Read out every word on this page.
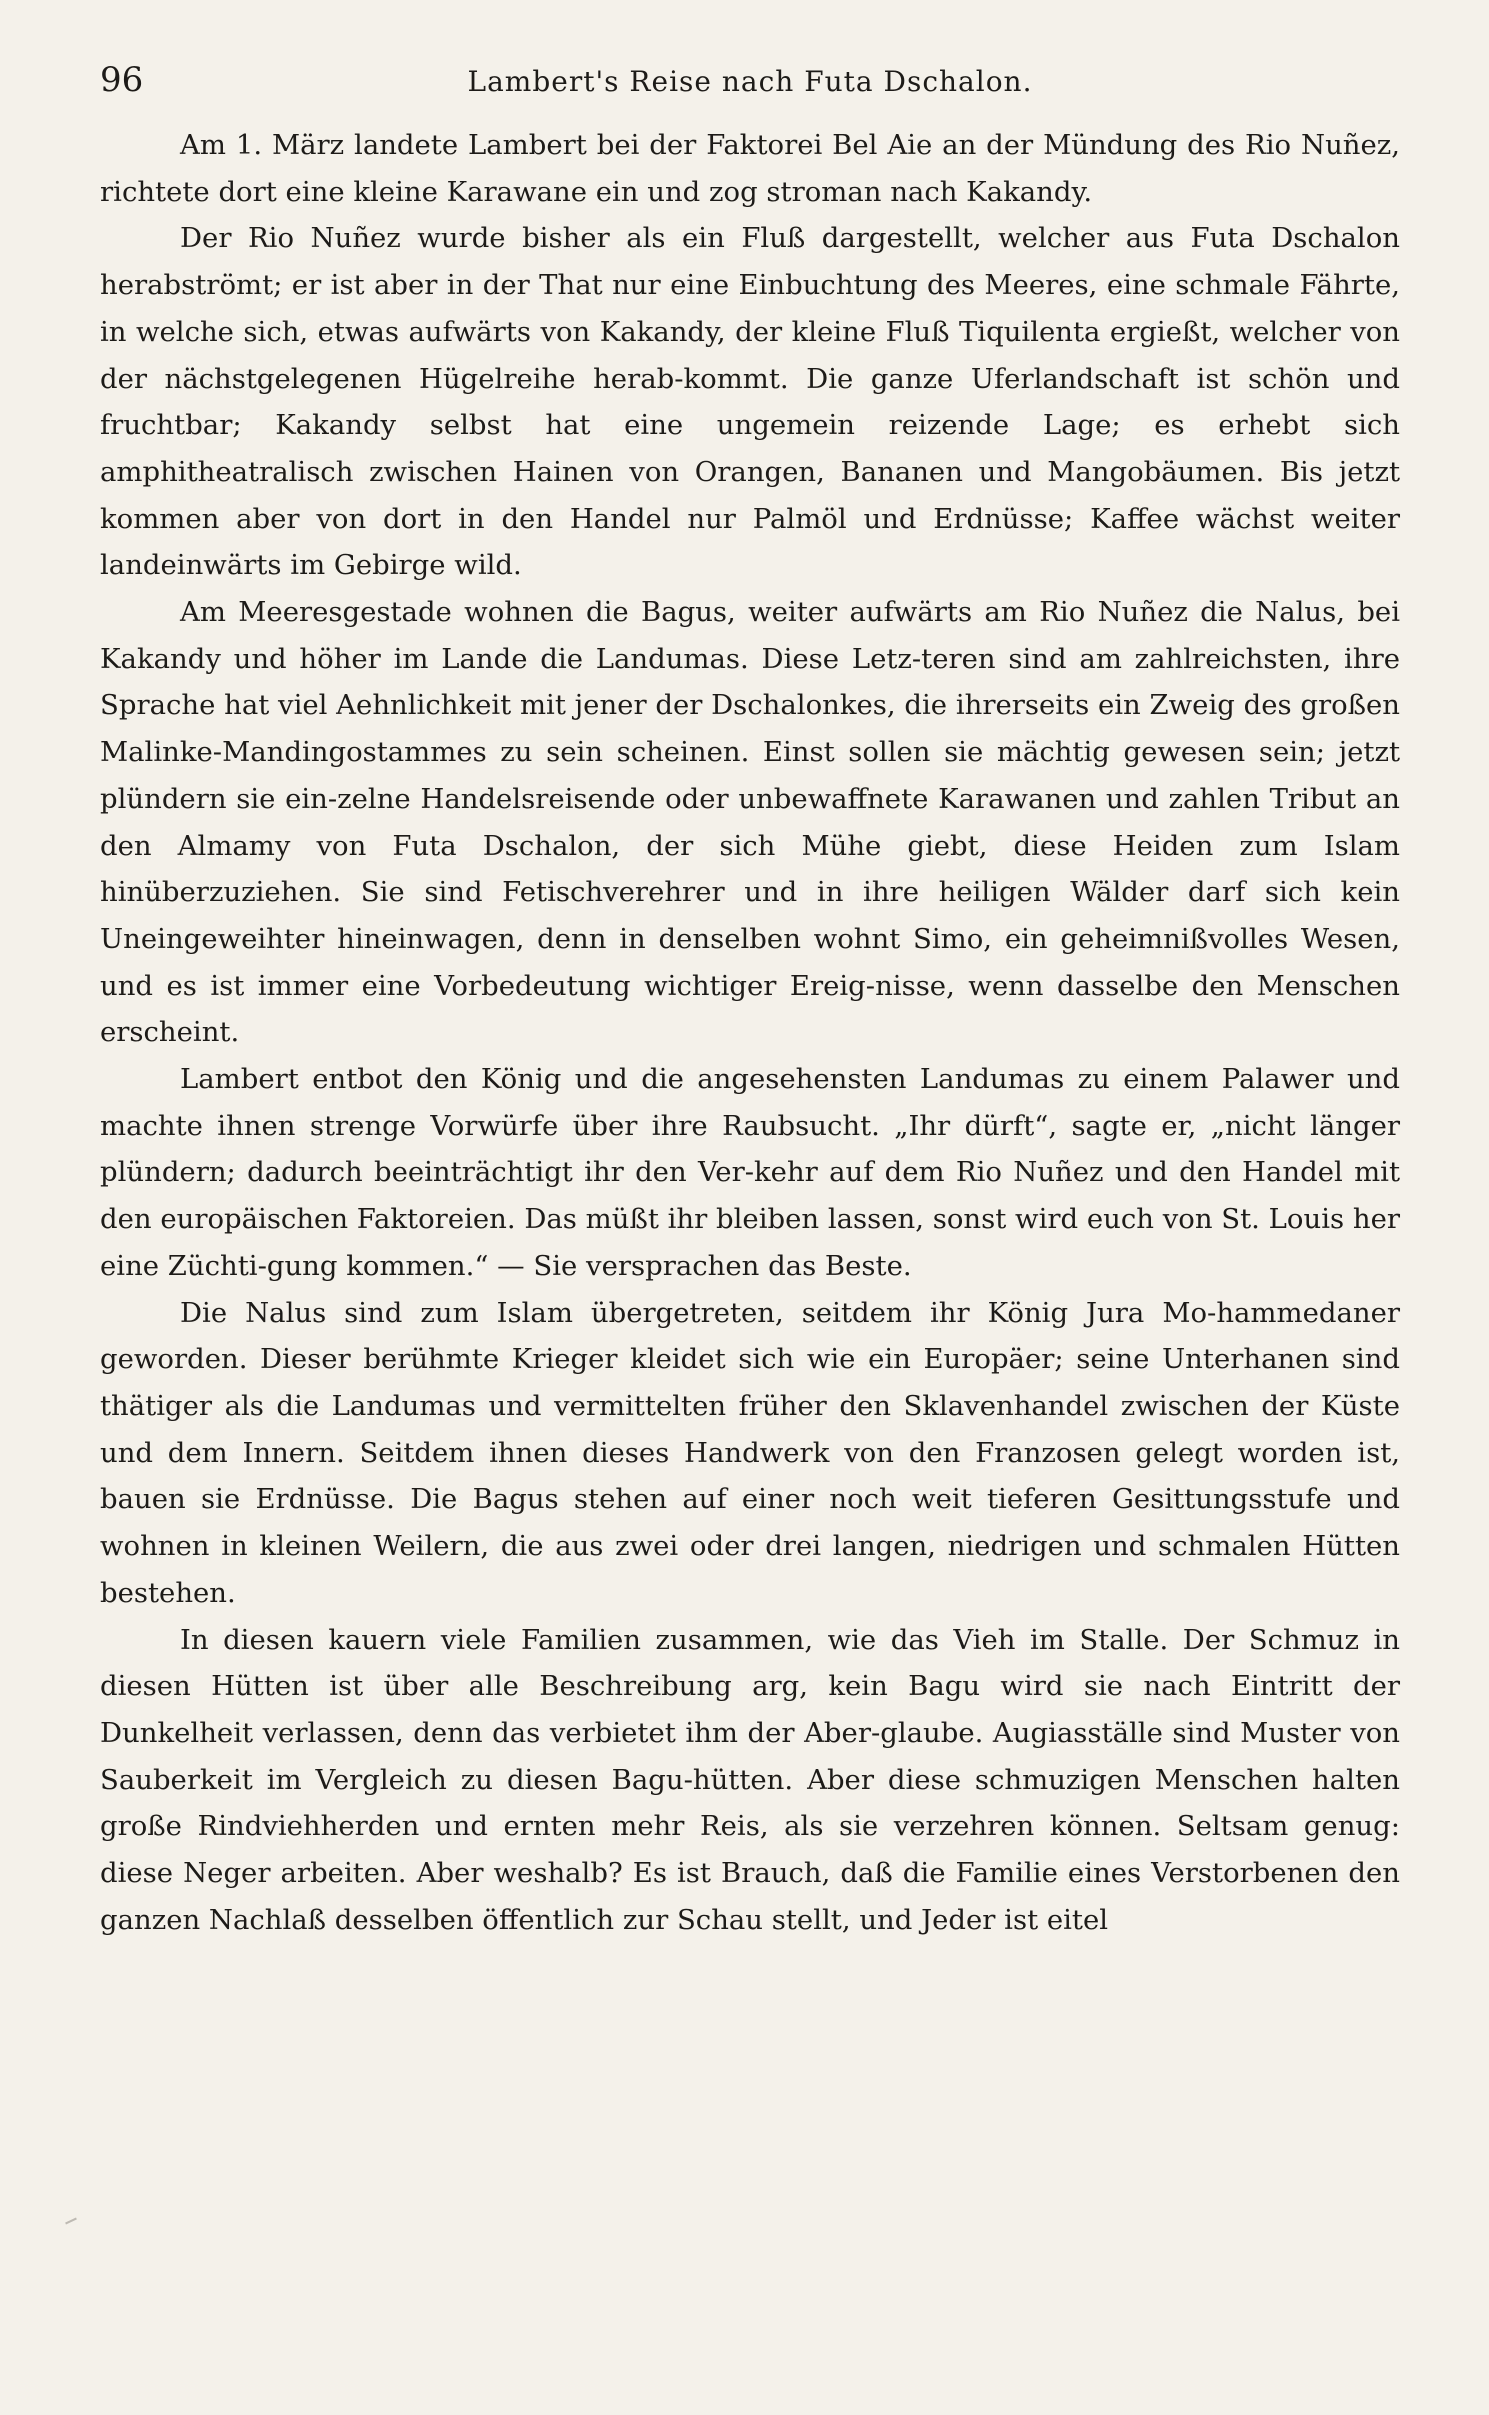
96	Lambert's Reise nach Futa Dschalon.

Am 1. März landete Lambert bei der Faktorei Bel Aie an der Mündung des Rio Nuñez, richtete dort eine kleine Karawane ein und zog stroman nach Kakandy.

Der Rio Nuñez wurde bisher als ein Fluß dargestellt, welcher aus Futa Dschalon herabströmt; er ist aber in der That nur eine Einbuchtung des Meeres, eine schmale Fährte, in welche sich, etwas aufwärts von Kakandy, der kleine Fluß Tiquilenta ergießt, welcher von der nächstgelegenen Hügelreihe herab-kommt. Die ganze Uferlandschaft ist schön und fruchtbar; Kakandy selbst hat eine ungemein reizende Lage; es erhebt sich amphitheatralisch zwischen Hainen von Orangen, Bananen und Mangobäumen. Bis jetzt kommen aber von dort in den Handel nur Palmöl und Erdnüsse; Kaffee wächst weiter landeinwärts im Gebirge wild.

Am Meeresgestade wohnen die Bagus, weiter aufwärts am Rio Nuñez die Nalus, bei Kakandy und höher im Lande die Landumas. Diese Letz-teren sind am zahlreichsten, ihre Sprache hat viel Aehnlichkeit mit jener der Dschalonkes, die ihrerseits ein Zweig des großen Malinke-Mandingostammes zu sein scheinen. Einst sollen sie mächtig gewesen sein; jetzt plündern sie ein-zelne Handelsreisende oder unbewaffnete Karawanen und zahlen Tribut an den Almamy von Futa Dschalon, der sich Mühe giebt, diese Heiden zum Islam hinüberzuziehen. Sie sind Fetischverehrer und in ihre heiligen Wälder darf sich kein Uneingeweihter hineinwagen, denn in denselben wohnt Simo, ein geheimnißvolles Wesen, und es ist immer eine Vorbedeutung wichtiger Ereig-nisse, wenn dasselbe den Menschen erscheint.

Lambert entbot den König und die angesehensten Landumas zu einem Palawer und machte ihnen strenge Vorwürfe über ihre Raubsucht. „Ihr dürft“, sagte er, „nicht länger plündern; dadurch beeinträchtigt ihr den Ver-kehr auf dem Rio Nuñez und den Handel mit den europäischen Faktoreien. Das müßt ihr bleiben lassen, sonst wird euch von St. Louis her eine Züchti-gung kommen.“ — Sie versprachen das Beste.

Die Nalus sind zum Islam übergetreten, seitdem ihr König Jura Mo-hammedaner geworden. Dieser berühmte Krieger kleidet sich wie ein Europäer; seine Unterhanen sind thätiger als die Landumas und vermittelten früher den Sklavenhandel zwischen der Küste und dem Innern. Seitdem ihnen dieses Handwerk von den Franzosen gelegt worden ist, bauen sie Erdnüsse. Die Bagus stehen auf einer noch weit tieferen Gesittungsstufe und wohnen in kleinen Weilern, die aus zwei oder drei langen, niedrigen und schmalen Hütten bestehen.

In diesen kauern viele Familien zusammen, wie das Vieh im Stalle. Der Schmuz in diesen Hütten ist über alle Beschreibung arg, kein Bagu wird sie nach Eintritt der Dunkelheit verlassen, denn das verbietet ihm der Aber-glaube. Augiasställe sind Muster von Sauberkeit im Vergleich zu diesen Bagu-hütten. Aber diese schmuzigen Menschen halten große Rindviehherden und ernten mehr Reis, als sie verzehren können. Seltsam genug: diese Neger arbeiten. Aber weshalb? Es ist Brauch, daß die Familie eines Verstorbenen den ganzen Nachlaß desselben öffentlich zur Schau stellt, und Jeder ist eitel
